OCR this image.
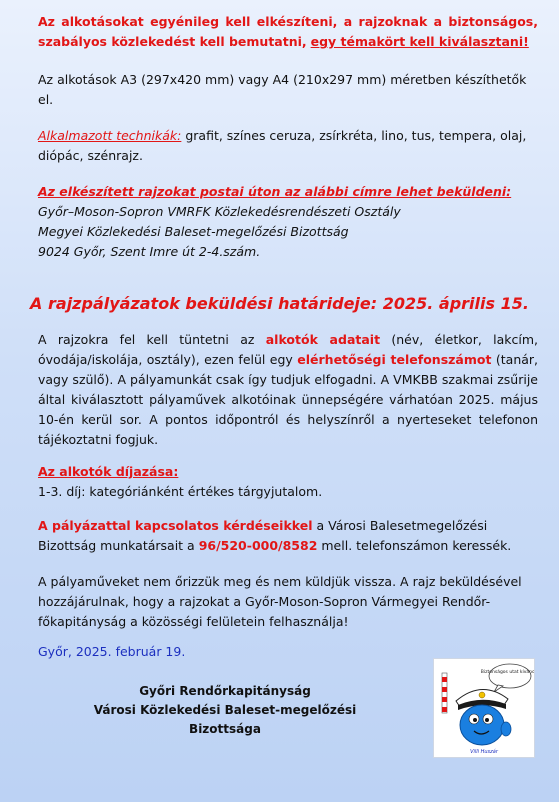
Az alkotásokat egyénileg kell elkészíteni, a rajzoknak a biztonságos, szabályos közlekedést kell bemutatni, egy témakört kell kiválasztani!
Az alkotások A3 (297x420 mm) vagy A4 (210x297 mm) méretben készíthetők el.
Alkalmazott technikák: grafit, színes ceruza, zsírkréta, lino, tus, tempera, olaj, diópác, szénrajz.
Az elkészített rajzokat postai úton az alábbi címre lehet beküldeni:
Győr–Moson-Sopron VMRFK Közlekedésrendészeti Osztály
Megyei Közlekedési Baleset-megelőzési Bizottság
9024 Győr, Szent Imre út 2-4.szám.
A rajzpályázatok beküldési határideje: 2025. április 15.
A rajzokra fel kell tüntetni az alkotók adatait (név, életkor, lakcím, óvodája/iskolája, osztály), ezen felül egy elérhetőségi telefonszámot (tanár, vagy szülő). A pályamunkát csak így tudjuk elfogadni. A VMKBB szakmai zsűrije által kiválasztott pályaművek alkotóinak ünnepségére várhatóan 2025. május 10-én kerül sor. A pontos időpontról és helyszínről a nyerteseket telefonon tájékoztatni fogjuk.
Az alkotók díjazása:
1-3. díj: kategóriánként értékes tárgyjutalom.
A pályázattal kapcsolatos kérdéseikkel a Városi Balesetmegelőzési Bizottság munkatársait a 96/520-000/8582 mell. telefonszámon keressék.
A pályaműveket nem őrizzük meg és nem küldjük vissza. A rajz beküldésével hozzájárulnak, hogy a rajzokat a Győr-Moson-Sopron Vármegyei Rendőr-főkapitányság a közösségi felületein felhasználja!
Győr, 2025. február 19.
Győri Rendőrkapitányság
Városi Közlekedési Baleset-megelőzési Bizottsága
Biztonságos utat kívánok!
Villi Huszár
